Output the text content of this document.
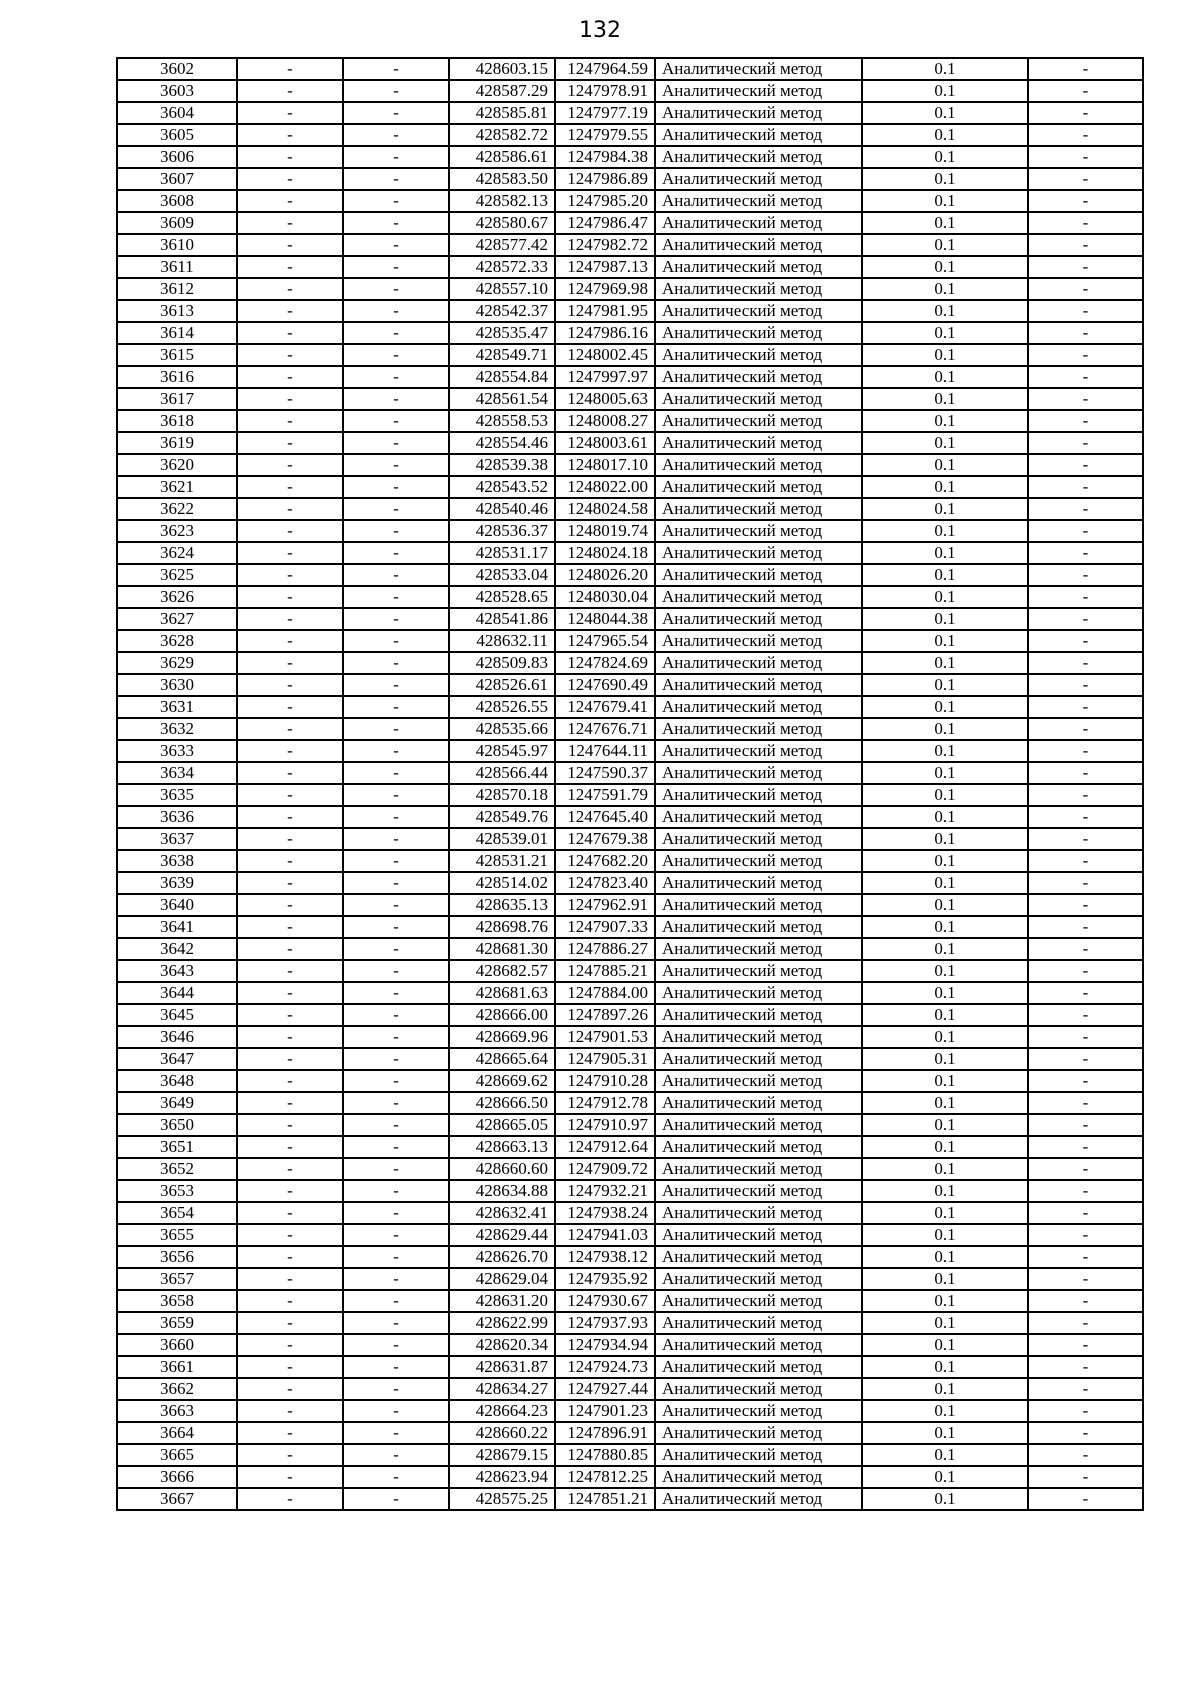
132
3602	-	-	428603.15	1247964.59	Аналитический метод	0.1	-
3603	-	-	428587.29	1247978.91	Аналитический метод	0.1	-
3604	-	-	428585.81	1247977.19	Аналитический метод	0.1	-
3605	-	-	428582.72	1247979.55	Аналитический метод	0.1	-
3606	-	-	428586.61	1247984.38	Аналитический метод	0.1	-
3607	-	-	428583.50	1247986.89	Аналитический метод	0.1	-
3608	-	-	428582.13	1247985.20	Аналитический метод	0.1	-
3609	-	-	428580.67	1247986.47	Аналитический метод	0.1	-
3610	-	-	428577.42	1247982.72	Аналитический метод	0.1	-
3611	-	-	428572.33	1247987.13	Аналитический метод	0.1	-
3612	-	-	428557.10	1247969.98	Аналитический метод	0.1	-
3613	-	-	428542.37	1247981.95	Аналитический метод	0.1	-
3614	-	-	428535.47	1247986.16	Аналитический метод	0.1	-
3615	-	-	428549.71	1248002.45	Аналитический метод	0.1	-
3616	-	-	428554.84	1247997.97	Аналитический метод	0.1	-
3617	-	-	428561.54	1248005.63	Аналитический метод	0.1	-
3618	-	-	428558.53	1248008.27	Аналитический метод	0.1	-
3619	-	-	428554.46	1248003.61	Аналитический метод	0.1	-
3620	-	-	428539.38	1248017.10	Аналитический метод	0.1	-
3621	-	-	428543.52	1248022.00	Аналитический метод	0.1	-
3622	-	-	428540.46	1248024.58	Аналитический метод	0.1	-
3623	-	-	428536.37	1248019.74	Аналитический метод	0.1	-
3624	-	-	428531.17	1248024.18	Аналитический метод	0.1	-
3625	-	-	428533.04	1248026.20	Аналитический метод	0.1	-
3626	-	-	428528.65	1248030.04	Аналитический метод	0.1	-
3627	-	-	428541.86	1248044.38	Аналитический метод	0.1	-
3628	-	-	428632.11	1247965.54	Аналитический метод	0.1	-
3629	-	-	428509.83	1247824.69	Аналитический метод	0.1	-
3630	-	-	428526.61	1247690.49	Аналитический метод	0.1	-
3631	-	-	428526.55	1247679.41	Аналитический метод	0.1	-
3632	-	-	428535.66	1247676.71	Аналитический метод	0.1	-
3633	-	-	428545.97	1247644.11	Аналитический метод	0.1	-
3634	-	-	428566.44	1247590.37	Аналитический метод	0.1	-
3635	-	-	428570.18	1247591.79	Аналитический метод	0.1	-
3636	-	-	428549.76	1247645.40	Аналитический метод	0.1	-
3637	-	-	428539.01	1247679.38	Аналитический метод	0.1	-
3638	-	-	428531.21	1247682.20	Аналитический метод	0.1	-
3639	-	-	428514.02	1247823.40	Аналитический метод	0.1	-
3640	-	-	428635.13	1247962.91	Аналитический метод	0.1	-
3641	-	-	428698.76	1247907.33	Аналитический метод	0.1	-
3642	-	-	428681.30	1247886.27	Аналитический метод	0.1	-
3643	-	-	428682.57	1247885.21	Аналитический метод	0.1	-
3644	-	-	428681.63	1247884.00	Аналитический метод	0.1	-
3645	-	-	428666.00	1247897.26	Аналитический метод	0.1	-
3646	-	-	428669.96	1247901.53	Аналитический метод	0.1	-
3647	-	-	428665.64	1247905.31	Аналитический метод	0.1	-
3648	-	-	428669.62	1247910.28	Аналитический метод	0.1	-
3649	-	-	428666.50	1247912.78	Аналитический метод	0.1	-
3650	-	-	428665.05	1247910.97	Аналитический метод	0.1	-
3651	-	-	428663.13	1247912.64	Аналитический метод	0.1	-
3652	-	-	428660.60	1247909.72	Аналитический метод	0.1	-
3653	-	-	428634.88	1247932.21	Аналитический метод	0.1	-
3654	-	-	428632.41	1247938.24	Аналитический метод	0.1	-
3655	-	-	428629.44	1247941.03	Аналитический метод	0.1	-
3656	-	-	428626.70	1247938.12	Аналитический метод	0.1	-
3657	-	-	428629.04	1247935.92	Аналитический метод	0.1	-
3658	-	-	428631.20	1247930.67	Аналитический метод	0.1	-
3659	-	-	428622.99	1247937.93	Аналитический метод	0.1	-
3660	-	-	428620.34	1247934.94	Аналитический метод	0.1	-
3661	-	-	428631.87	1247924.73	Аналитический метод	0.1	-
3662	-	-	428634.27	1247927.44	Аналитический метод	0.1	-
3663	-	-	428664.23	1247901.23	Аналитический метод	0.1	-
3664	-	-	428660.22	1247896.91	Аналитический метод	0.1	-
3665	-	-	428679.15	1247880.85	Аналитический метод	0.1	-
3666	-	-	428623.94	1247812.25	Аналитический метод	0.1	-
3667	-	-	428575.25	1247851.21	Аналитический метод	0.1	-
